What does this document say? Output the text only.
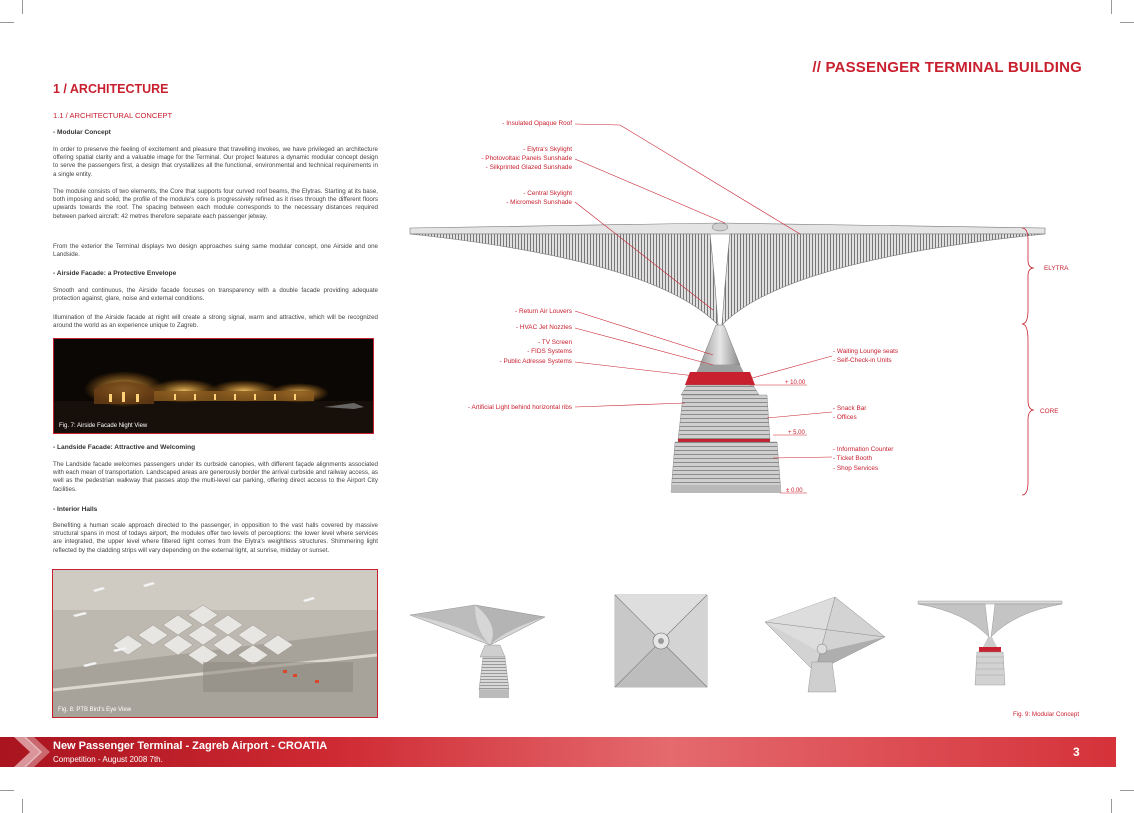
1 / ARCHITECTURE
// PASSENGER TERMINAL BUILDING
1.1 / ARCHITECTURAL CONCEPT
- Modular Concept
In order to preserve the feeling of excitement and pleasure that travelling invokes, we have privileged an architecture offering spatial clarity and a valuable image for the Terminal. Our project features a dynamic modular concept design to serve the passengers first, a design that crystallizes all the functional, environmental and technical requirements in a single entity.
The module consists of two elements, the Core that supports four curved roof beams, the Elytras. Starting at its base, both imposing and solid, the profile of the module's core is progressively refined as it rises through the different floors upwards towards the roof. The spacing between each module corresponds to the necessary distances required between parked aircraft: 42 metres therefore separate each passenger jetway.
From the exterior the Terminal displays two design approaches suing same modular concept, one Airside and one Landside.
- Airside Facade: a Protective Envelope
Smooth and continuous, the Airside facade focuses on transparency with a double facade providing adequate protection against, glare, noise and external conditions.
Illumination of the Airside facade at night will create a strong signal, warm and attractive, which will be recognized around the world as an experience unique to Zagreb.
Fig. 7: Airside Facade Night View
- Landside Facade: Attractive and Welcoming
The Landside facade welcomes passengers under its curbside canopies, with different façade alignments associated with each mean of transportation. Landscaped areas are generously border the arrival curbside and railway access, as well as the pedestrian walkway that passes atop the multi-level car parking, offering direct access to the Airport City facilities.
- Interior Halls
Benefiting a human scale approach directed to the passenger, in opposition to the vast halls covered by massive structural spans in most of todays airport, the modules offer two levels of perceptions: the lower level where services are integrated, the upper level where filtered light comes from the Elytra's weightless structures. Shimmering light reflected by the cladding strips will vary depending on the external light, at sunrise, midday or sunset.
Fig. 8: PTB Bird's Eye View
- Insulated Opaque Roof
- Elytra's Skylight
- Photovoltaic Panels Sunshade
- Silkprinted Glazed Sunshade
- Central Skylight
- Micromesh Sunshade
- Return Air Louvers
- HVAC Jet Nozzles
- TV Screen
- FIDS Systems
- Public Adresse Systems
- Artificial Light behind horizontal ribs
- Waiting Lounge seats
- Self-Check-in Units
- Snack Bar
- Offices
- Information Counter
- Ticket Booth
- Shop Services
+ 10.00
+ 5.00
± 0.00
ELYTRA
CORE
Fig. 9: Modular Concept
New Passenger Terminal - Zagreb Airport - CROATIA
Competition - August 2008 7th.
3
